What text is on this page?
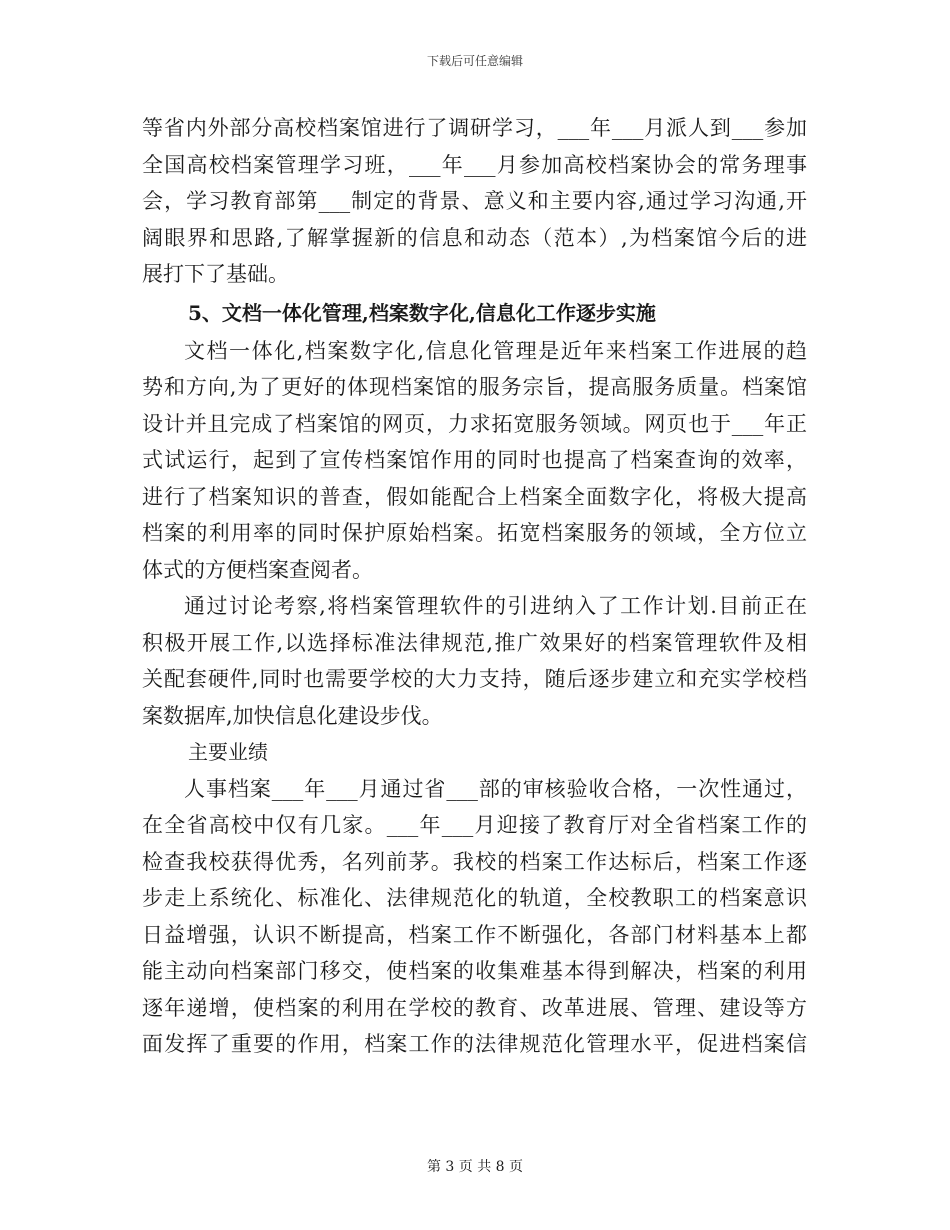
下载后可任意编辑
等省内外部分高校档案馆进行了调研学习，___年___月派人到___参加
全国高校档案管理学习班，___年___月参加高校档案协会的常务理事
会，学习教育部第___制定的背景、意义和主要内容,通过学习沟通,开
阔眼界和思路,了解掌握新的信息和动态（范本）,为档案馆今后的进
展打下了基础。
5、文档一体化管理,档案数字化,信息化工作逐步实施
文档一体化,档案数字化,信息化管理是近年来档案工作进展的趋
势和方向,为了更好的体现档案馆的服务宗旨，提高服务质量。档案馆
设计并且完成了档案馆的网页，力求拓宽服务领域。网页也于___年正
式试运行，起到了宣传档案馆作用的同时也提高了档案查询的效率，
进行了档案知识的普查，假如能配合上档案全面数字化，将极大提高
档案的利用率的同时保护原始档案。拓宽档案服务的领域，全方位立
体式的方便档案查阅者。
通过讨论考察,将档案管理软件的引进纳入了工作计划.目前正在
积极开展工作,以选择标准法律规范,推广效果好的档案管理软件及相
关配套硬件,同时也需要学校的大力支持，随后逐步建立和充实学校档
案数据库,加快信息化建设步伐。
主要业绩
人事档案___年___月通过省___部的审核验收合格，一次性通过，
在全省高校中仅有几家。___年___月迎接了教育厅对全省档案工作的
检查我校获得优秀，名列前茅。我校的档案工作达标后，档案工作逐
步走上系统化、标准化、法律规范化的轨道，全校教职工的档案意识
日益增强，认识不断提高，档案工作不断强化，各部门材料基本上都
能主动向档案部门移交，使档案的收集难基本得到解决，档案的利用
逐年递增，使档案的利用在学校的教育、改革进展、管理、建设等方
面发挥了重要的作用，档案工作的法律规范化管理水平，促进档案信
第 3 页 共 8 页
